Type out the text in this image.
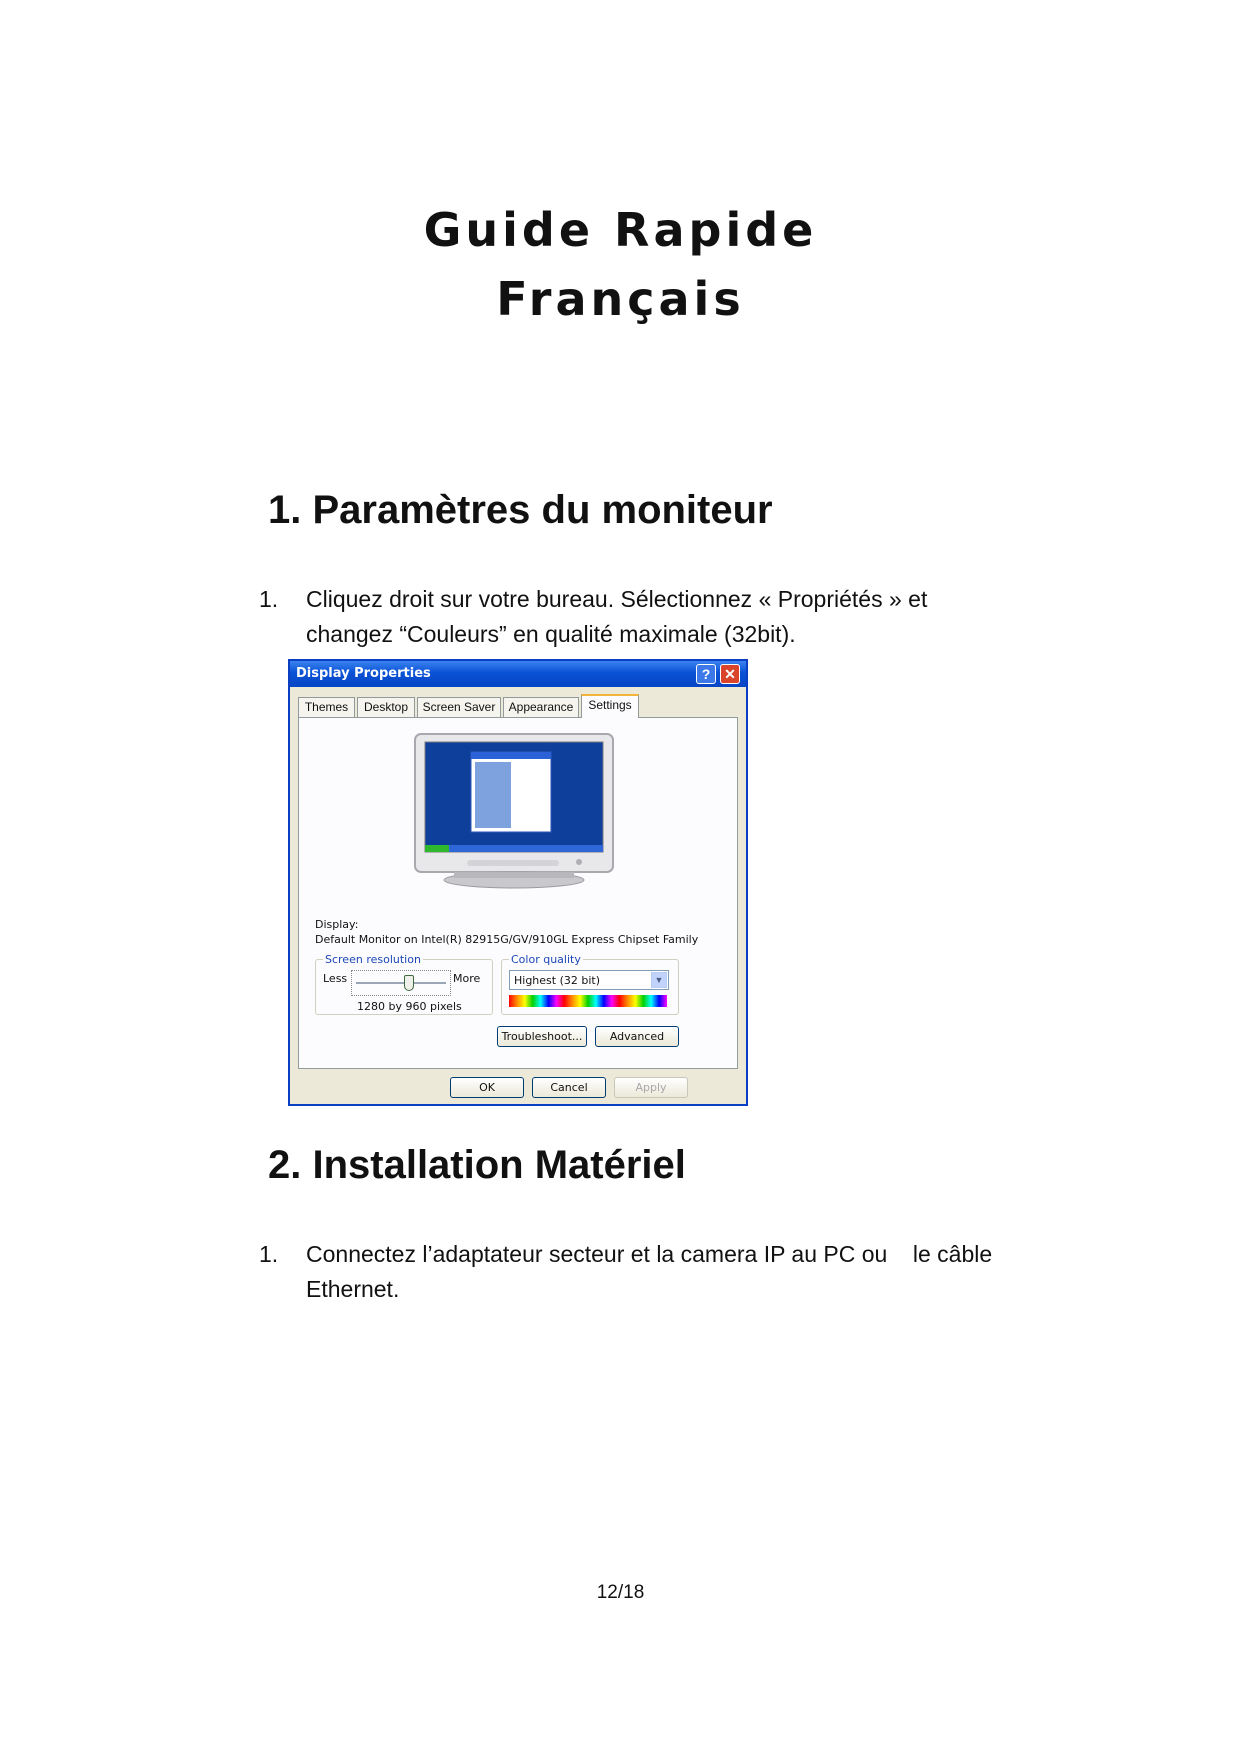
Guide Rapide
Français
1. Paramètres du moniteur
1. Cliquez droit sur votre bureau. Sélectionnez « Propriétés » et
changez “Couleurs” en qualité maximale (32bit).
Display Properties	? ✕
Themes	Desktop	Screen Saver	Appearance
Display:
Default Monitor on Intel(R) 82915G/GV/910GL Express Chipset Family
Screen resolution
Less	More
1280 by 960 pixels
Color quality
Highest (32 bit)	▼
Troubleshoot...	Advanced
Settings
OK	Cancel	Apply
2. Installation Matériel
1. Connectez l’adaptateur secteur et la camera IP au PC ou    le câble
Ethernet.
12/18
